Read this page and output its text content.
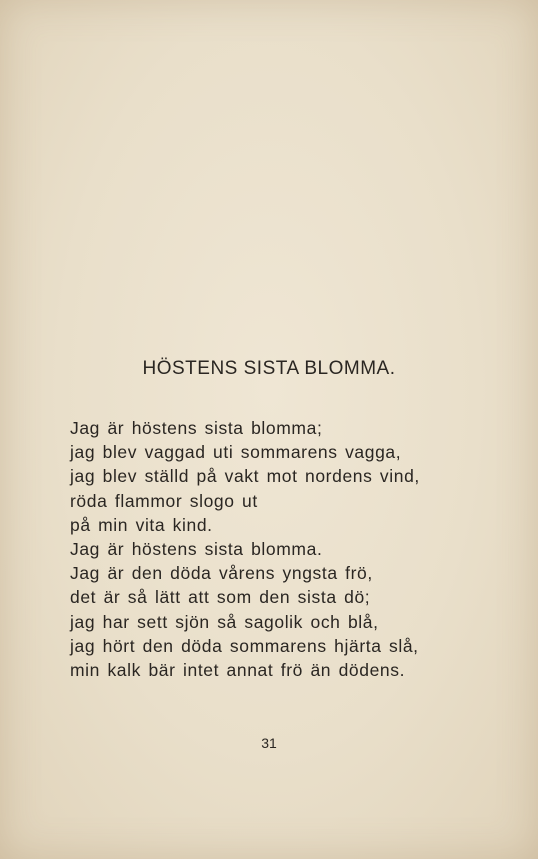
HÖSTENS SISTA BLOMMA.
Jag är höstens sista blomma;
jag blev vaggad uti sommarens vagga,
jag blev ställd på vakt mot nordens vind,
röda flammor slogo ut
på min vita kind.
Jag är höstens sista blomma.
Jag är den döda vårens yngsta frö,
det är så lätt att som den sista dö;
jag har sett sjön så sagolik och blå,
jag hört den döda sommarens hjärta slå,
min kalk bär intet annat frö än dödens.
31
